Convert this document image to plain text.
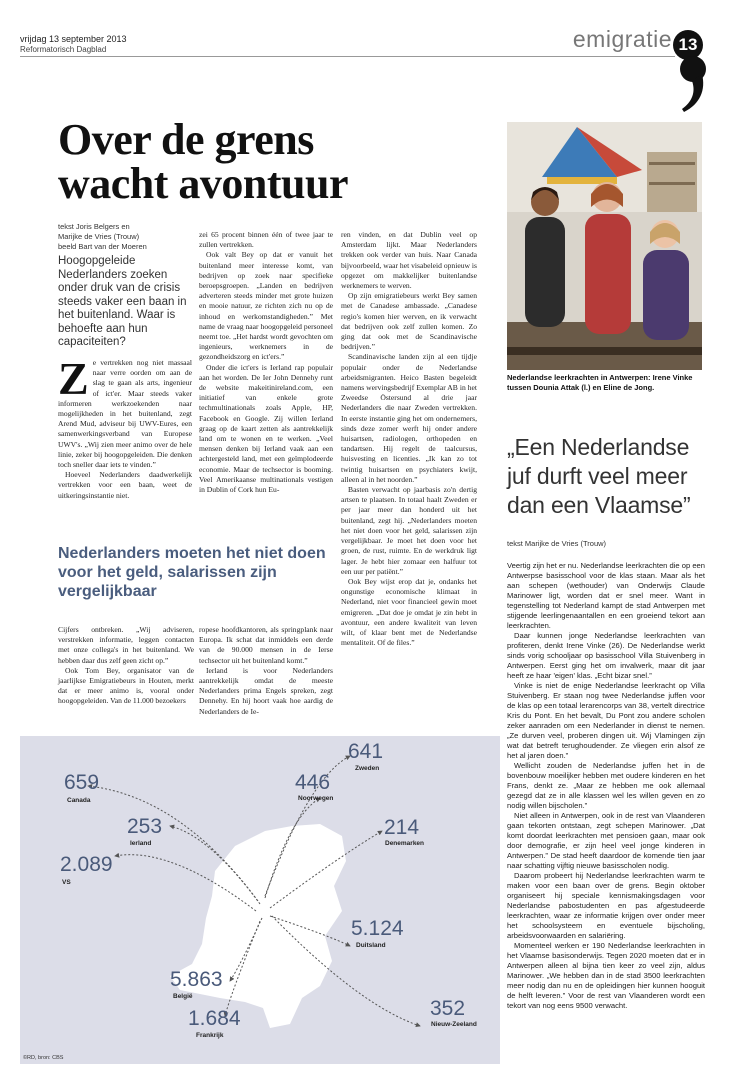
vrijdag 13 september 2013
Reformatorisch Dagblad	emigratie 13
Over de grens
wacht avontuur
tekst Joris Belgers en
Marijke de Vries (Trouw)
beeld Bart van der Moeren
Hoogopgeleide Nederlanders zoeken onder druk van de crisis steeds vaker een baan in het buitenland. Waar is behoefte aan hun capaciteiten?
Z e vertrekken nog niet massaal naar verre oorden om aan de slag te gaan als arts, ingenieur of ict'er. Maar steeds vaker informeren werkzoekenden naar mogelijkheden in het buitenland, zegt Arend Mud, adviseur bij UWV-Eures, een samenwerkingsverband van Europese UWV's. „Wij zien meer animo over de hele linie, zeker bij hoogopgeleiden. Die denken toch sneller daar iets te vinden.”

Hoeveel Nederlanders daadwerkelijk vertrekken voor een baan, weet de uitkeringsinstantie niet.

zei 65 procent binnen één of twee jaar te zullen vertrekken.

Ook valt Bey op dat er vanuit het buitenland meer interesse komt, van bedrijven op zoek naar specifieke beroepsgroepen. „Landen en bedrijven adverteren steeds minder met grote huizen en mooie natuur, ze richten zich nu op de inhoud en werkomstandigheden.” Met name de vraag naar hoogopgeleid personeel neemt toe. „Het hardst wordt gevochten om ingenieurs, werknemers in de gezondheidszorg en ict'ers.”

Onder die ict'ers is Ierland rap populair aan het worden. De Ier John Dennehy runt de website makeitinireland.com, een initiatief van enkele grote techmultinationals zoals Apple, HP, Facebook en Google. Zij willen Ierland graag op de kaart zetten als aantrekkelijk land om te wonen en te werken. „Veel mensen denken bij Ierland vaak aan een achtergesteld land, met een geïmplodeerde economie. Maar de techsector is booming. Veel Amerikaanse multinationals vestigen in Dublin of Cork hun Eu-

ren vinden, en dat Dublin veel op Amsterdam lijkt. Maar Nederlanders trekken ook verder van huis. Naar Canada bijvoorbeeld, waar het visabeleid opnieuw is opgezet om makkelijker buitenlandse werknemers te werven.

Op zijn emigratiebeurs werkt Bey samen met de Canadese ambassade. „Canadese regio's komen hier werven, en ik verwacht dat bedrijven ook zelf zullen komen. Zo ging dat ook met de Scandinavische bedrijven.”

Scandinavische landen zijn al een tijdje populair onder de Nederlandse arbeidsmigranten. Heico Basten begeleidt namens wervingsbedrijf Exemplar AB in het Zweedse Östersund al drie jaar Nederlanders die naar Zweden vertrekken. In eerste instantie ging het om ondernemers, sinds deze zomer werft hij onder andere huisartsen, radiologen, orthopeden en tandartsen. Hij regelt de taalcursus, huisvesting en licenties. „Ik kan zo tot twintig huisartsen en psychiaters kwijt, alleen al in het noorden.”

Basten verwacht op jaarbasis zo'n dertig artsen te plaatsen. In totaal haalt Zweden er per jaar meer dan honderd uit het buitenland, zegt hij. „Nederlanders moeten het niet doen voor het geld, salarissen zijn vergelijkbaar. Je moet het doen voor het groen, de rust, ruimte. En de werkdruk ligt lager. Je hebt hier zomaar een halfuur tot een uur per patiënt.”

Ook Bey wijst erop dat je, ondanks het ongunstige economische klimaat in Nederland, niet voor financieel gewin moet emigreren. „Dat doe je omdat je zin hebt in avontuur, een andere kwaliteit van leven wilt, of klaar bent met de Nederlandse mentaliteit. Of de files.”

Nederlanders moeten het niet doen voor het geld, salarissen zijn vergelijkbaar

Cijfers ontbreken. „Wij adviseren, verstrekken informatie, leggen contacten met onze collega's in het buitenland. We hebben daar dus zelf geen zicht op.”

Ook Tom Bey, organisator van de jaarlijkse Emigratiebeurs in Houten, merkt dat er meer animo is, vooral onder hoogopgeleiden. Van de 11.000 bezoekers

ropese hoofdkantoren, als springplank naar Europa. Ik schat dat inmiddels een derde van de 90.000 mensen in de Ierse techsector uit het buitenland komt.”

Ierland is voor Nederlanders aantrekkelijk omdat de meeste Nederlanders prima Engels spreken, zegt Dennehy. En hij hoort vaak hoe aardig de Nederlanders de Ie-

Nederlandse leerkrachten in Antwerpen: Irene Vinke tussen Dounia Attak (l.) en Eline de Jong.
„Een Nederlandse
juf durft veel meer
dan een Vlaamse”
tekst Marijke de Vries (Trouw)

Veertig zijn het er nu. Nederlandse leerkrachten die op een Antwerpse basisschool voor de klas staan. Maar als het aan schepen (wethouder) van Onderwijs Claude Marinower ligt, worden dat er snel meer. Want in tegenstelling tot Nederland kampt de stad Antwerpen met stijgende leerlingenaantallen en een groeiend tekort aan leerkrachten.

Daar kunnen jonge Nederlandse leerkrachten van profiteren, denkt Irene Vinke (26). De Nederlandse werkt sinds vorig schooljaar op basisschool Villa Stuivenberg in Antwerpen. Eerst ging het om invalwerk, maar dit jaar heeft ze haar 'eigen' klas. „Echt bizar snel.”

Vinke is niet de enige Nederlandse leerkracht op Villa Stuivenberg. Er staan nog twee Nederlandse juffen voor de klas op een totaal lerarencorps van 38, vertelt directrice Kris du Pont. En het bevalt, Du Pont zou andere scholen zeker aanraden om een Nederlander in dienst te nemen. „Ze durven veel, proberen dingen uit. Wij Vlamingen zijn wat dat betreft terughoudender. Ze vliegen erin alsof ze het al jaren doen.”

Wellicht zouden de Nederlandse juffen het in de bovenbouw moeilijker hebben met oudere kinderen en het Frans, denkt ze. „Maar ze hebben me ook allemaal gezegd dat ze in alle klassen wel les willen geven en zo nodig willen bijscholen.”

Niet alleen in Antwerpen, ook in de rest van Vlaanderen gaan tekorten ontstaan, zegt schepen Marinower. „Dat komt doordat leerkrachten met pensioen gaan, maar ook door demografie, er zijn heel veel jonge kinderen in Antwerpen.” De stad heeft daardoor de komende tien jaar naar schatting vijftig nieuwe basisscholen nodig.

Daarom probeert hij Nederlandse leerkrachten warm te maken voor een baan over de grens. Begin oktober organiseert hij speciale kennismakingsdagen voor Nederlandse pabostudenten en pas afgestudeerde leerkrachten, waar ze informatie krijgen over onder meer het schoolsysteem en eventuele bijscholing, arbeidsvoorwaarden en salariëring.

Momenteel werken er 190 Nederlandse leerkrachten in het Vlaamse basisonderwijs. Tegen 2020 moeten dat er in Antwerpen alleen al bijna tien keer zo veel zijn, aldus Marinower. „We hebben dan in de stad 3500 leerkrachten meer nodig dan nu en de opleidingen hier kunnen hooguit de helft leveren.” Voor de rest van Vlaanderen wordt een tekort van nog eens 9500 verwacht.

659
Canada
253
Ierland
2.089
VS
641
Zweden
446
Noorwegen
214
Denemarken
5.124
Duitsland
5.863
België
1.684
Frankrijk
352
Nieuw-Zeeland
©RD, bron: CBS
